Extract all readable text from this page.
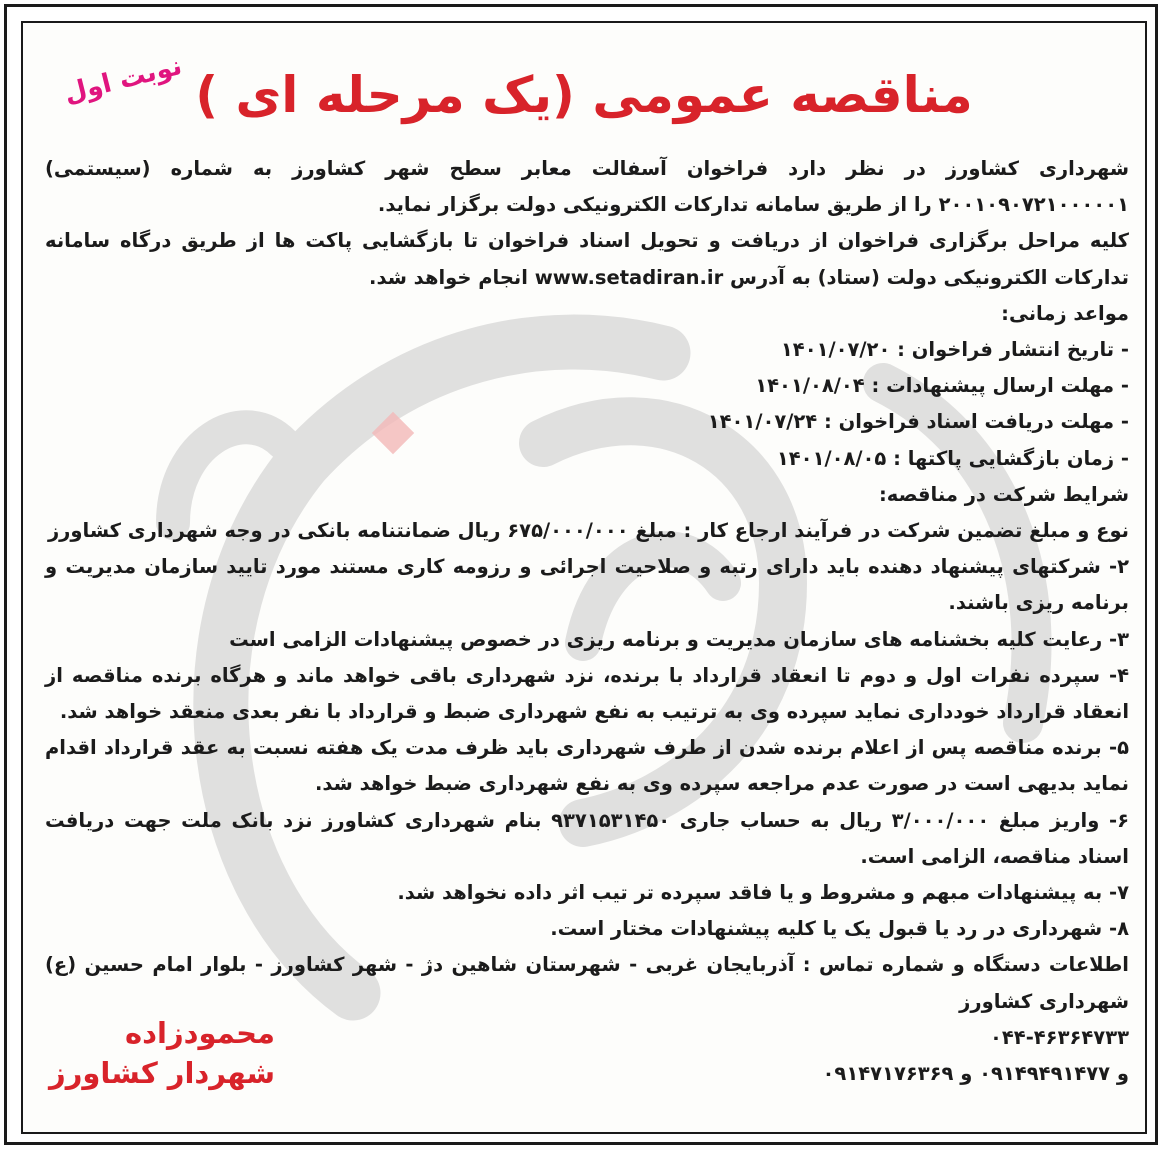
نوبت اول مناقصه عمومی (یک مرحله ای )

شهرداری کشاورز در نظر دارد فراخوان آسفالت معابر سطح شهر کشاورز به شماره (سیستمی) ۲۰۰۱۰۹۰۷۲۱۰۰۰۰۰۱ را از طریق سامانه تدارکات الکترونیکی دولت برگزار نماید.

کلیه مراحل برگزاری فراخوان از دریافت و تحویل اسناد فراخوان تا بازگشایی پاکت ها از طریق درگاه سامانه تدارکات الکترونیکی دولت (ستاد) به آدرس www.setadiran.ir انجام خواهد شد.

مواعد زمانی:

- تاریخ انتشار فراخوان : ۱۴۰۱/۰۷/۲۰

- مهلت ارسال پیشنهادات : ۱۴۰۱/۰۸/۰۴

- مهلت دریافت اسناد فراخوان : ۱۴۰۱/۰۷/۲۴

- زمان بازگشایی پاکتها : ۱۴۰۱/۰۸/۰۵

شرایط شرکت در مناقصه:

نوع و مبلغ تضمین شرکت در فرآیند ارجاع کار : مبلغ ۶۷۵/۰۰۰/۰۰۰ ریال ضمانتنامه بانکی در وجه شهرداری کشاورز

۲- شرکتهای پیشنهاد دهنده باید دارای رتبه و صلاحیت اجرائی و رزومه کاری مستند مورد تایید سازمان مدیریت و برنامه ریزی باشند.

۳- رعایت کلیه بخشنامه های سازمان مدیریت و برنامه ریزی در خصوص پیشنهادات الزامی است

۴- سپرده نفرات اول و دوم تا انعقاد قرارداد با برنده، نزد شهرداری باقی خواهد ماند و هرگاه برنده مناقصه از انعقاد قرارداد خودداری نماید سپرده وی به ترتیب به نفع شهرداری ضبط و قرارداد با نفر بعدی منعقد خواهد شد.

۵- برنده مناقصه پس از اعلام برنده شدن از طرف شهرداری باید ظرف مدت یک هفته نسبت به عقد قرارداد اقدام نماید بدیهی است در صورت عدم مراجعه سپرده وی به نفع شهرداری ضبط خواهد شد.

۶- واریز مبلغ ۳/۰۰۰/۰۰۰ ریال به حساب جاری ۹۳۷۱۵۳۱۴۵۰ بنام شهرداری کشاورز نزد بانک ملت جهت دریافت اسناد مناقصه، الزامی است.

۷- به پیشنهادات مبهم و مشروط و یا فاقد سپرده تر تیب اثر داده نخواهد شد.

۸- شهرداری در رد یا قبول یک یا کلیه پیشنهادات مختار است.

اطلاعات دستگاه و شماره تماس : آذربایجان غربی - شهرستان شاهین دژ - شهر کشاورز - بلوار امام حسین (ع) شهرداری کشاورز

۰۴۴-۴۶۳۶۴۷۳۳

و ۰۹۱۴۹۴۹۱۴۷۷ و ۰۹۱۴۷۱۷۶۳۶۹

محمودزاده
شهردار کشاورز
